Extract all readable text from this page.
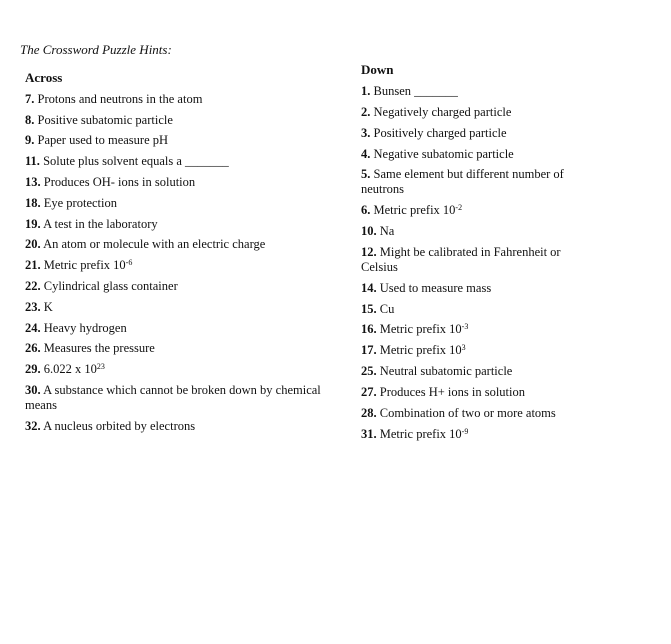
The Crossword Puzzle Hints:
Across
7. Protons and neutrons in the atom
8. Positive subatomic particle
9. Paper used to measure pH
11. Solute plus solvent equals a _______
13. Produces OH- ions in solution
18. Eye protection
19. A test in the laboratory
20. An atom or molecule with an electric charge
21. Metric prefix $10^{-6}$
22. Cylindrical glass container
23. K
24. Heavy hydrogen
26. Measures the pressure
29. 6.022 x $10^{23}$
30. A substance which cannot be broken down by chemical means
32. A nucleus orbited by electrons
Down
1. Bunsen _______
2. Negatively charged particle
3. Positively charged particle
4. Negative subatomic particle
5. Same element but different number of neutrons
6. Metric prefix $10^{-2}$
10. Na
12. Might be calibrated in Fahrenheit or Celsius
14. Used to measure mass
15. Cu
16. Metric prefix $10^{-3}$
17. Metric prefix $10^3$
25. Neutral subatomic particle
27. Produces H+ ions in solution
28. Combination of two or more atoms
31. Metric prefix $10^{-9}$
